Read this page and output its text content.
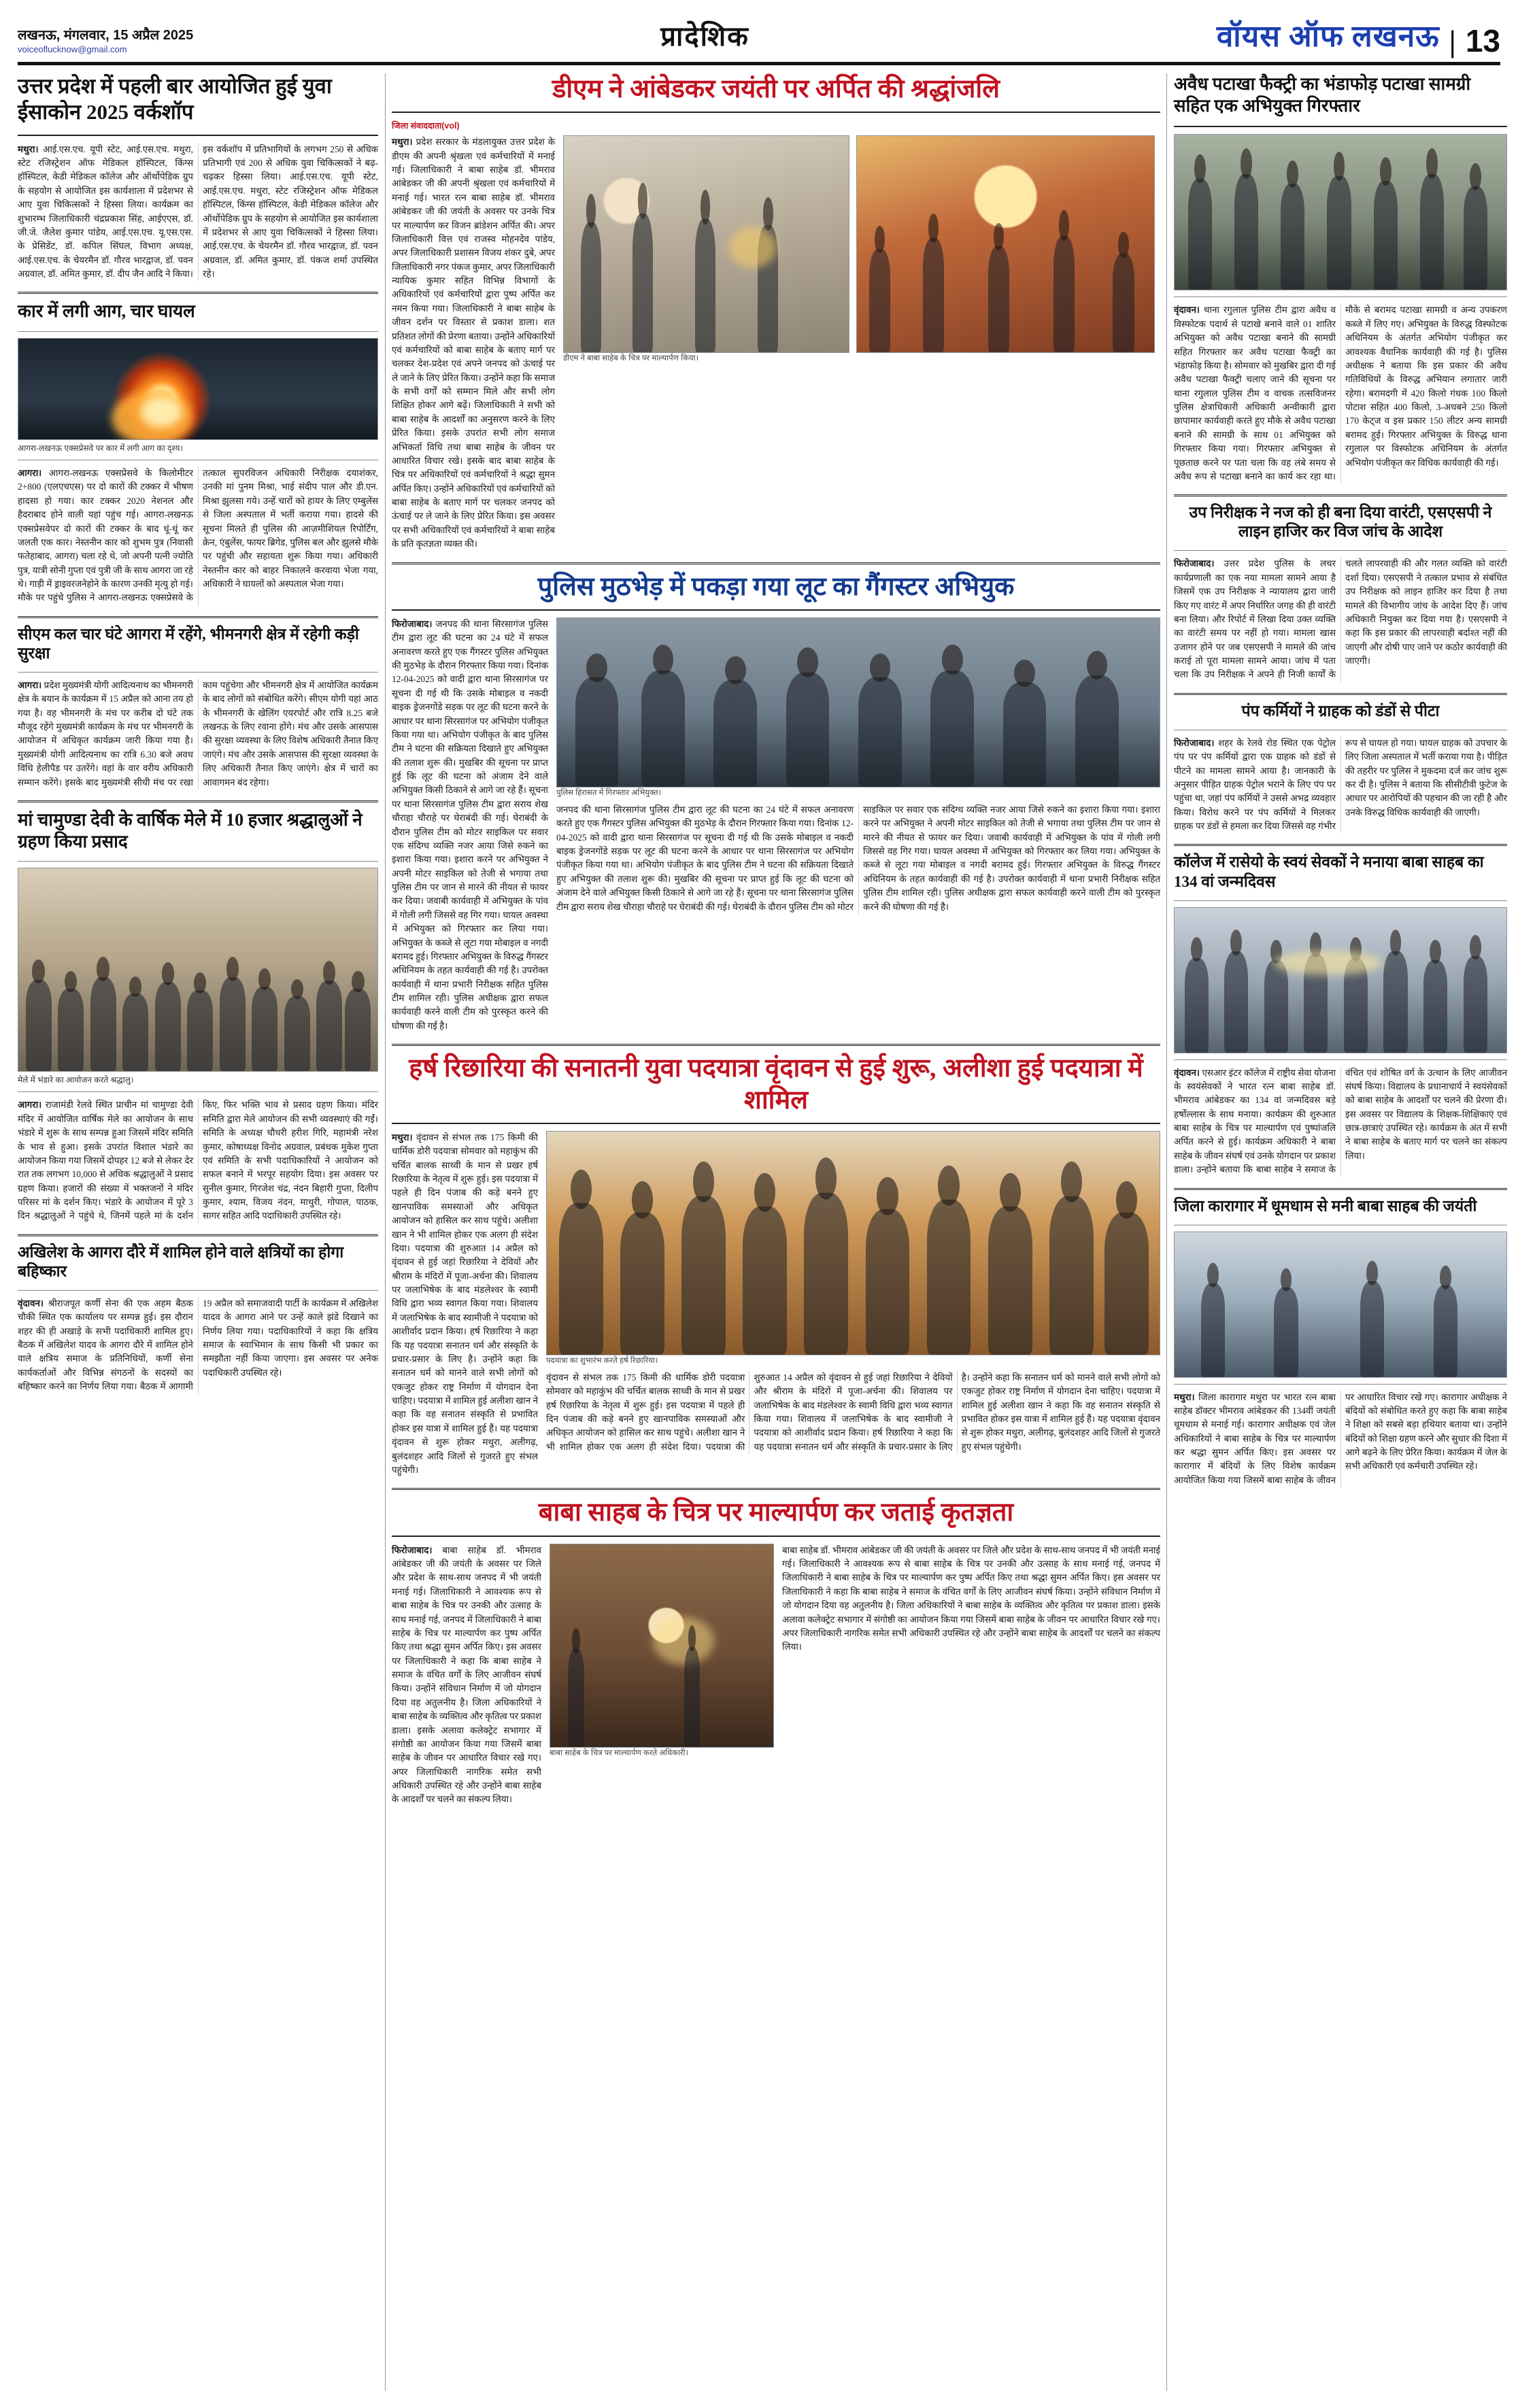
लखनऊ, मंगलवार, 15 अप्रैल 2025
voiceoflucknow@gmail.com	प्रादेशिक	वॉयस ऑफ लखनऊ | 13
उत्तर प्रदेश में पहली बार आयोजित हुई युवा ईसाकोन 2025 वर्कशॉप
मथुरा। आई.एस.एच. यूपी स्टेट, आई.एस.एच. मथुरा, स्टेट रजिस्ट्रेशन ऑफ मेडिकल हॉस्पिटल, किंग्स हॉस्पिटल, केडी मेडिकल कॉलेज और ऑर्थोपेडिक ग्रुप के सहयोग से आयोजित इस कार्यशाला में प्रदेशभर से आए युवा चिकित्सकों ने हिस्सा लिया। कार्यक्रम का शुभारम्भ जिलाधिकारी चंद्रप्रकाश सिंह, आईएएस, डॉ. जी.जे. जैलेश कुमार पांडेय, आई.एस.एच. यू.एस.एस. के प्रेसिडेंट, डॉ. कपिल सिंघल, विभाग अध्यक्ष, आई.एस.एच. के चेयरमैन डॉ. गौरव भारद्वाज, डॉ. पवन अग्रवाल, डॉ. अमित कुमार, डॉ. दीप जैन आदि ने किया। इस वर्कशॉप में प्रतिभागियों के लगभग 250 से अधिक प्रतिभागी एवं 200 से अधिक युवा चिकित्सकों ने बढ़-चढ़कर हिस्सा लिया। आई.एस.एच. यूपी स्टेट, आई.एस.एच. मथुरा, स्टेट रजिस्ट्रेशन ऑफ मेडिकल हॉस्पिटल, किंग्स हॉस्पिटल, केडी मेडिकल कॉलेज और ऑर्थोपेडिक ग्रुप के सहयोग से आयोजित इस कार्यशाला में प्रदेशभर से आए युवा चिकित्सकों ने हिस्सा लिया। आई.एस.एच. के चेयरमैन डॉ. गौरव भारद्वाज, डॉ. पवन अग्रवाल, डॉ. अमित कुमार, डॉ. पंकज शर्मा उपस्थित रहे।
कार में लगी आग, चार घायल
आगरा-लखनऊ एक्सप्रेसवे पर कार में लगी आग का दृश्य।
आगरा। आगरा-लखनऊ एक्सप्रेसवे के किलोमीटर 2+800 (एलएचएस) पर दो कारों की टक्कर में भीषण हादसा हो गया। कार टक्कर 2020 नेशनल और हैदराबाद होने वाली यहां पहुंच गई। आगरा-लखनऊ एक्सप्रेसवेपर दो कारों की टक्कर के बाद धूं-धूं कर जलती एक कार। नेस्तनीन कार को शुभम पुत्र (निवासी फतेहाबाद, आगरा) चला रहे थे, जो अपनी पत्नी ज्योति पुत्र, यात्री सोनी गुप्ता एवं पुत्री जी के साथ आगरा जा रहे थे। गाड़ी में ड्राइवरजनेहोने के कारण उनकी मृत्यु हो गई। मौके पर पहुंचे पुलिस ने आगरा-लखनऊ एक्सप्रेसवे के तत्काल सुपरविजन अधिकारी निरीक्षक दयाशंकर, उनकी मां पुनम मिश्रा, भाई संदीप पाल और डी.एन. मिश्रा झुलसा गये। उन्हें चारों को हायर के लिए एम्बुलेंस से जिला अस्पताल में भर्ती कराया गया। हादसे की सूचना मिलते ही पुलिस की आज़मीशियल रिपोर्टिंग, क्रेन, एंबुलेंस, फायर ब्रिगेड, पुलिस बल और झुलसे मौके पर पहुंची और सहायता शुरू किया गया। अधिकारी नेस्तनीन कार को बाहर निकालने करवाया भेजा गया, अधिकारी ने घायलों को अस्पताल भेजा गया।
सीएम कल चार घंटे आगरा में रहेंगे, भीमनगरी क्षेत्र में रहेगी कड़ी सुरक्षा
आगरा। प्रदेश मुख्यमंत्री योगी आदित्यनाथ का भीमनगरी क्षेत्र के बयान के कार्यक्रम में 15 अप्रैल को आना तय हो गया है। वह भीमनगरी के मंच पर करीब दो घंटे तक मौजूद रहेंगे मुख्यमंत्री कार्यक्रम के मंच पर भीमनगरी के आयोजन में अधिकृत कार्यक्रम जारी किया गया है। मुख्यमंत्री योगी आदित्यनाथ का रात्रि 6.30 बजे अवध विधि हेलीपैड पर उतरेंगे। वहां के वार वरीय अधिकारी सम्मान करेंगे। इसके बाद मुख्यमंत्री सीधी मंच पर रखा काम पहुंचेगा और भीमनगरी क्षेत्र में आयोजित कार्यक्रम के बाद लोगों को संबोधित करेंगे। सीएम योगी यहां आठ के भीमनगरी के खेलिंग एयरपोर्ट और रात्रि 8.25 बजे लखनऊ के लिए रवाना होंगे। मंच और उसके आसपास की सुरक्षा व्यवस्था के लिए विशेष अधिकारी तैनात किए जाएंगे। मंच और उसके आसपास की सुरक्षा व्यवस्था के लिए अधिकारी तैनात किए जाएंगे। क्षेत्र में चारों का आवागमन बंद रहेगा।
मां चामुण्डा देवी के वार्षिक मेले में 10 हजार श्रद्धालुओं ने ग्रहण किया प्रसाद
मेले में भंडारे का आयोजन करते श्रद्धालु।
आगरा। राजामंडी रेलवे स्थित प्राचीन मां चामुण्डा देवी मंदिर में आयोजित वार्षिक मेले का आयोजन के साथ भंडारे में शुरू के साथ सम्पन्न हुआ जिसमें मंदिर समिति के भाव से हुआ। इसके उपरांत विशाल भंडारे का आयोजन किया गया जिसमें दोपहर 12 बजे से लेकर देर रात तक लगभग 10,000 से अधिक श्रद्धालुओं ने प्रसाद ग्रहण किया। हजारों की संख्या में भक्तजनों ने मंदिर परिसर मां के दर्शन किए। भंडारे के आयोजन में पूरे 3 दिन श्रद्धालुओं ने पहुंचे थे, जिनमें पहले मां के दर्शन किए, फिर भक्ति भाव से प्रसाद ग्रहण किया। मंदिर समिति द्वारा मेले आयोजन की सभी व्यवस्थाएं की गईं। समिति के अध्यक्ष चौधरी हरीश गिरि, महामंत्री नरेश कुमार, कोषाध्यक्ष विनोद अग्रवाल, प्रबंधक मुकेश गुप्ता एवं समिति के सभी पदाधिकारियों ने आयोजन को सफल बनाने में भरपूर सहयोग दिया। इस अवसर पर सुनील कुमार, गिरजेश चंद्र, नंदन बिहारी गुप्ता, दिलीप कुमार, श्याम, विजय नंदन, माथुरी, गोपाल, पाठक, सागर सहित आदि पदाधिकारी उपस्थित रहे।
अखिलेश के आगरा दौरे में शामिल होने वाले क्षत्रियों का होगा बहिष्कार
वृंदावन। श्रीराजपूत कर्णी सेना की एक अहम बैठक चौकी स्थित एक कार्यालय पर सम्पन्न हुई। इस दौरान शहर की ही अखाड़े के सभी पदाधिकारी शामिल हुए। बैठक में अखिलेश यादव के आगरा दौरे में शामिल होने वाले क्षत्रिय समाज के प्रतिनिधियों, कर्णी सेना कार्यकर्ताओं और विभिन्न संगठनों के सदस्यों का बहिष्कार करने का निर्णय लिया गया। बैठक में आगामी 19 अप्रैल को समाजवादी पार्टी के कार्यक्रम में अखिलेश यादव के आगरा आने पर उन्हें काले झंडे दिखाने का निर्णय लिया गया। पदाधिकारियों ने कहा कि क्षत्रिय समाज के स्वाभिमान के साथ किसी भी प्रकार का समझौता नहीं किया जाएगा। इस अवसर पर अनेक पदाधिकारी उपस्थित रहे।
डीएम ने आंबेडकर जयंती पर अर्पित की श्रद्धांजलि
जिला संवाददाता(vol)
मथुरा। प्रदेश सरकार के मंडलायुक्त उत्तर प्रदेश के डीएम की अपनी श्रृंखला एवं कर्मचारियों में मनाई गई। जिलाधिकारी ने बाबा साहेब डॉ. भीमराव आंबेडकर जी की अपनी श्रृंखला एवं कर्मचारियों में मनाई गई। भारत रत्न बाबा साहेब डॉ. भीमराव आंबेडकर जी की जयंती के अवसर पर उनके चित्र पर माल्यार्पण कर विजन ब्रांडेशन अर्पित की। अपर जिलाधिकारी वित्त एवं राजस्व मोहनदेव पांडेय, अपर जिलाधिकारी प्रशासन विजय शंकर दुबे, अपर जिलाधिकारी नगर पंकज कुमार, अपर जिलाधिकारी न्यायिक कुमार सहित विभिन्न विभागों के अधिकारियों एवं कर्मचारियों द्वारा पुष्प अर्पित कर नमन किया गया। जिलाधिकारी ने बाबा साहेब के जीवन दर्शन पर विस्तार से प्रकाश डाला। शत प्रतिशत लोगों की प्रेरणा बताया। उन्होंने अधिकारियों एवं कर्मचारियों को बाबा साहेब के बताए मार्ग पर चलकर देश-प्रदेश एवं अपने जनपद को ऊंचाई पर ले जाने के लिए प्रेरित किया। उन्होंने कहा कि समाज के सभी वर्गों को सम्मान मिले और सभी लोग शिक्षित होकर आगे बढ़ें। जिलाधिकारी ने सभी को बाबा साहेब के आदर्शों का अनुसरण करने के लिए प्रेरित किया। इसके उपरांत सभी लोग समाज अभिकर्ता विधि तथा बाबा साहेब के जीवन पर आधारित विचार रखे। इसके बाद बाबा साहेब के चित्र पर अधिकारियों एवं कर्मचारियों ने श्रद्धा सुमन अर्पित किए। उन्होंने अधिकारियों एवं कर्मचारियों को बाबा साहेब के बताए मार्ग पर चलकर जनपद को ऊंचाई पर ले जाने के लिए प्रेरित किया। इस अवसर पर सभी अधिकारियों एवं कर्मचारियों ने बाबा साहेब के प्रति कृतज्ञता व्यक्त की।
डीएम ने बाबा साहेब के चित्र पर माल्यार्पण किया।
पुलिस मुठभेड़ में पकड़ा गया लूट का गैंगस्टर अभियुक
फिरोजाबाद। जनपद की थाना सिरसागंज पुलिस टीम द्वारा लूट की घटना का 24 घंटे में सफल अनावरण करते हुए एक गैंगस्टर पुलिस अभियुक्त की मुठभेड़ के दौरान गिरफ्तार किया गया। दिनांक 12-04-2025 को वादी द्वारा थाना सिरसागंज पर सूचना दी गई थी कि उसके मोबाइल व नकदी बाइक ड्रेजनगोंडे सड़क पर लूट की घटना करने के आधार पर थाना सिरसागंज पर अभियोग पंजीकृत किया गया था। अभियोग पंजीकृत के बाद पुलिस टीम ने घटना की सक्रियता दिखाते हुए अभियुक्त की तलाश शुरू की। मुखबिर की सूचना पर प्राप्त हुई कि लूट की घटना को अंजाम देने वाले अभियुक्त किसी ठिकाने से आगे जा रहे हैं। सूचना पर थाना सिरसागंज पुलिस टीम द्वारा सराय शेख चौराहा चौराहे पर घेराबंदी की गई। घेराबंदी के दौरान पुलिस टीम को मोटर साइकिल पर सवार एक संदिग्ध व्यक्ति नजर आया जिसे रुकने का इशारा किया गया। इशारा करने पर अभियुक्त ने अपनी मोटर साइकिल को तेजी से भगाया तथा पुलिस टीम पर जान से मारने की नीयत से फायर कर दिया। जवाबी कार्यवाही में अभियुक्त के पांव में गोली लगी जिससे वह गिर गया। घायल अवस्था में अभियुक्त को गिरफ्तार कर लिया गया। अभियुक्त के कब्जे से लूटा गया मोबाइल व नगदी बरामद हुई। गिरफ्तार अभियुक्त के विरुद्ध गैंगस्टर अधिनियम के तहत कार्यवाही की गई है। उपरोक्त कार्यवाही में थाना प्रभारी निरीक्षक सहित पुलिस टीम शामिल रही। पुलिस अधीक्षक द्वारा सफल कार्यवाही करने वाली टीम को पुरस्कृत करने की घोषणा की गई है।
पुलिस हिरासत में गिरफ्तार अभियुक्त।
जनपद की थाना सिरसागंज पुलिस टीम द्वारा लूट की घटना का 24 घंटे में सफल अनावरण करते हुए एक गैंगस्टर पुलिस अभियुक्त की मुठभेड़ के दौरान गिरफ्तार किया गया। दिनांक 12-04-2025 को वादी द्वारा थाना सिरसागंज पर सूचना दी गई थी कि उसके मोबाइल व नकदी बाइक ड्रेजनगोंडे सड़क पर लूट की घटना करने के आधार पर थाना सिरसागंज पर अभियोग पंजीकृत किया गया था। अभियोग पंजीकृत के बाद पुलिस टीम ने घटना की सक्रियता दिखाते हुए अभियुक्त की तलाश शुरू की। मुखबिर की सूचना पर प्राप्त हुई कि लूट की घटना को अंजाम देने वाले अभियुक्त किसी ठिकाने से आगे जा रहे हैं। सूचना पर थाना सिरसागंज पुलिस टीम द्वारा सराय शेख चौराहा चौराहे पर घेराबंदी की गई। घेराबंदी के दौरान पुलिस टीम को मोटर साइकिल पर सवार एक संदिग्ध व्यक्ति नजर आया जिसे रुकने का इशारा किया गया। इशारा करने पर अभियुक्त ने अपनी मोटर साइकिल को तेजी से भगाया तथा पुलिस टीम पर जान से मारने की नीयत से फायर कर दिया। जवाबी कार्यवाही में अभियुक्त के पांव में गोली लगी जिससे वह गिर गया। घायल अवस्था में अभियुक्त को गिरफ्तार कर लिया गया। अभियुक्त के कब्जे से लूटा गया मोबाइल व नगदी बरामद हुई। गिरफ्तार अभियुक्त के विरुद्ध गैंगस्टर अधिनियम के तहत कार्यवाही की गई है। उपरोक्त कार्यवाही में थाना प्रभारी निरीक्षक सहित पुलिस टीम शामिल रही। पुलिस अधीक्षक द्वारा सफल कार्यवाही करने वाली टीम को पुरस्कृत करने की घोषणा की गई है।
हर्ष रिछारिया की सनातनी युवा पदयात्रा वृंदावन से हुई शुरू, अलीशा हुई पदयात्रा में शामिल
मथुरा। वृंदावन से संभल तक 175 किमी की धार्मिक डोरी पदयात्रा सोमवार को महाकुंभ की चर्चित बालक साध्वी के मान से प्रखर हर्ष रिछारिया के नेतृत्व में शुरू हुई। इस पदयात्रा में पहले ही दिन पंजाब की कड़े बनने हुए खानपाविक समस्याओं और अधिकृत आयोजन को हासिल कर साथ पहुंचे। अलीशा खान ने भी शामिल होकर एक अलग ही संदेश दिया। पदयात्रा की शुरुआत 14 अप्रैल को वृंदावन से हुई जहां रिछारिया ने देवियों और श्रीराम के मंदिरों में पूजा-अर्चना की। शिवालय पर जलाभिषेक के बाद मंडलेश्वर के स्वामी विधि द्वारा भव्य स्वागत किया गया। शिवालय में जलाभिषेक के बाद स्वामीजी ने पदयात्रा को आशीर्वाद प्रदान किया। हर्ष रिछारिया ने कहा कि यह पदयात्रा सनातन धर्म और संस्कृति के प्रचार-प्रसार के लिए है। उन्होंने कहा कि सनातन धर्म को मानने वाले सभी लोगों को एकजुट होकर राष्ट्र निर्माण में योगदान देना चाहिए। पदयात्रा में शामिल हुई अलीशा खान ने कहा कि वह सनातन संस्कृति से प्रभावित होकर इस यात्रा में शामिल हुई हैं। यह पदयात्रा वृंदावन से शुरू होकर मथुरा, अलीगढ़, बुलंदशहर आदि जिलों से गुजरते हुए संभल पहुंचेगी।
पदयात्रा का शुभारंभ करते हर्ष रिछारिया।
वृंदावन से संभल तक 175 किमी की धार्मिक डोरी पदयात्रा सोमवार को महाकुंभ की चर्चित बालक साध्वी के मान से प्रखर हर्ष रिछारिया के नेतृत्व में शुरू हुई। इस पदयात्रा में पहले ही दिन पंजाब की कड़े बनने हुए खानपाविक समस्याओं और अधिकृत आयोजन को हासिल कर साथ पहुंचे। अलीशा खान ने भी शामिल होकर एक अलग ही संदेश दिया। पदयात्रा की शुरुआत 14 अप्रैल को वृंदावन से हुई जहां रिछारिया ने देवियों और श्रीराम के मंदिरों में पूजा-अर्चना की। शिवालय पर जलाभिषेक के बाद मंडलेश्वर के स्वामी विधि द्वारा भव्य स्वागत किया गया। शिवालय में जलाभिषेक के बाद स्वामीजी ने पदयात्रा को आशीर्वाद प्रदान किया। हर्ष रिछारिया ने कहा कि यह पदयात्रा सनातन धर्म और संस्कृति के प्रचार-प्रसार के लिए है। उन्होंने कहा कि सनातन धर्म को मानने वाले सभी लोगों को एकजुट होकर राष्ट्र निर्माण में योगदान देना चाहिए। पदयात्रा में शामिल हुई अलीशा खान ने कहा कि वह सनातन संस्कृति से प्रभावित होकर इस यात्रा में शामिल हुई हैं। यह पदयात्रा वृंदावन से शुरू होकर मथुरा, अलीगढ़, बुलंदशहर आदि जिलों से गुजरते हुए संभल पहुंचेगी।
बाबा साहब के चित्र पर माल्यार्पण कर जताई कृतज्ञता
फिरोजाबाद। बाबा साहेब डॉ. भीमराव आंबेडकर जी की जयंती के अवसर पर जिले और प्रदेश के साथ-साथ जनपद में भी जयंती मनाई गई। जिलाधिकारी ने आवश्यक रूप से बाबा साहेब के चित्र पर उनकी और उत्साह के साथ मनाई गई, जनपद में जिलाधिकारी ने बाबा साहेब के चित्र पर माल्यार्पण कर पुष्प अर्पित किए तथा श्रद्धा सुमन अर्पित किए। इस अवसर पर जिलाधिकारी ने कहा कि बाबा साहेब ने समाज के वंचित वर्गों के लिए आजीवन संघर्ष किया। उन्होंने संविधान निर्माण में जो योगदान दिया वह अतुलनीय है। जिला अधिकारियों ने बाबा साहेब के व्यक्तित्व और कृतित्व पर प्रकाश डाला। इसके अलावा कलेक्ट्रेट सभागार में संगोष्ठी का आयोजन किया गया जिसमें बाबा साहेब के जीवन पर आधारित विचार रखे गए। अपर जिलाधिकारी नागरिक समेत सभी अधिकारी उपस्थित रहे और उन्होंने बाबा साहेब के आदर्शों पर चलने का संकल्प लिया।
बाबा साहेब के चित्र पर माल्यार्पण करते अधिकारी।
बाबा साहेब डॉ. भीमराव आंबेडकर जी की जयंती के अवसर पर जिले और प्रदेश के साथ-साथ जनपद में भी जयंती मनाई गई। जिलाधिकारी ने आवश्यक रूप से बाबा साहेब के चित्र पर उनकी और उत्साह के साथ मनाई गई, जनपद में जिलाधिकारी ने बाबा साहेब के चित्र पर माल्यार्पण कर पुष्प अर्पित किए तथा श्रद्धा सुमन अर्पित किए। इस अवसर पर जिलाधिकारी ने कहा कि बाबा साहेब ने समाज के वंचित वर्गों के लिए आजीवन संघर्ष किया। उन्होंने संविधान निर्माण में जो योगदान दिया वह अतुलनीय है। जिला अधिकारियों ने बाबा साहेब के व्यक्तित्व और कृतित्व पर प्रकाश डाला। इसके अलावा कलेक्ट्रेट सभागार में संगोष्ठी का आयोजन किया गया जिसमें बाबा साहेब के जीवन पर आधारित विचार रखे गए। अपर जिलाधिकारी नागरिक समेत सभी अधिकारी उपस्थित रहे और उन्होंने बाबा साहेब के आदर्शों पर चलने का संकल्प लिया।
अवैध पटाखा फैक्ट्री का भंडाफोड़ पटाखा सामग्री सहित एक अभियुक्त गिरफ्तार
वृंदावन। थाना रगुलाल पुलिस टीम द्वारा अवैध व विस्फोटक पदार्थ से पटाखे बनाने वाले 01 शातिर अभियुक्त को अवैध पटाखा बनाने की सामग्री सहित गिरफ्तार कर अवैध पटाखा फैक्ट्री का भंडाफोड़ किया है। सोमवार को मुखबिर द्वारा दी गई अवैध पटाखा फैक्ट्री चलाए जाने की सूचना पर थाना रगुलाल पुलिस टीम व वाचक तत्सविजनर पुलिस क्षेत्राधिकारी अधिकारी अन्वीकारी द्वारा छापामार कार्यवाही करते हुए मौके से अवैध पटाखा बनाने की सामग्री के साथ 01 अभियुक्त को गिरफ्तार किया गया। गिरफ्तार अभियुक्त से पूछताछ करने पर पता चला कि वह लंबे समय से अवैध रूप से पटाखा बनाने का कार्य कर रहा था। मौके से बरामद पटाखा सामग्री व अन्य उपकरण कब्जे में लिए गए। अभियुक्त के विरुद्ध विस्फोटक अधिनियम के अंतर्गत अभियोग पंजीकृत कर आवश्यक वैधानिक कार्यवाही की गई है। पुलिस अधीक्षक ने बताया कि इस प्रकार की अवैध गतिविधियों के विरुद्ध अभियान लगातार जारी रहेगा। बरामदगी में 420 किलो गंधक 100 किलो पोटाश सहित 400 किलो, 3-अधबने 250 किलो 170 केट्ज व इस प्रकार 150 लीटर अन्य सामग्री बरामद हुई। गिरफ्तार अभियुक्त के विरुद्ध थाना रगुलाल पर विस्फोटक अधिनियम के अंतर्गत अभियोग पंजीकृत कर विधिक कार्यवाही की गई।
उप निरीक्षक ने नज को ही बना दिया वारंटी, एसएसपी ने लाइन हाजिर कर विज जांच के आदेश
फिरोजाबाद। उत्तर प्रदेश पुलिस के लचर कार्यप्रणाली का एक नया मामला सामने आया है जिसमें एक उप निरीक्षक ने न्यायालय द्वारा जारी किए गए वारंट में अपर निर्धारित जगह की ही वारंटी बना लिया। और रिपोर्ट में लिखा दिया उक्त व्यक्ति का वारंटी समय पर नहीं हो गया। मामला खास उजागर होने पर जब एसएसपी ने मामले की जांच कराई तो पूरा मामला सामने आया। जांच में पता चला कि उप निरीक्षक ने अपने ही निजी कार्यों के चलते लापरवाही की और गलत व्यक्ति को वारंटी दर्शा दिया। एसएसपी ने तत्काल प्रभाव से संबंधित उप निरीक्षक को लाइन हाजिर कर दिया है तथा मामले की विभागीय जांच के आदेश दिए हैं। जांच अधिकारी नियुक्त कर दिया गया है। एसएसपी ने कहा कि इस प्रकार की लापरवाही बर्दाश्त नहीं की जाएगी और दोषी पाए जाने पर कठोर कार्यवाही की जाएगी।
पंप कर्मियों ने ग्राहक को डंडों से पीटा
फिरोजाबाद। शहर के रेलवे रोड स्थित एक पेट्रोल पंप पर पंप कर्मियों द्वारा एक ग्राहक को डंडों से पीटने का मामला सामने आया है। जानकारी के अनुसार पीड़ित ग्राहक पेट्रोल भराने के लिए पंप पर पहुंचा था, जहां पंप कर्मियों ने उससे अभद्र व्यवहार किया। विरोध करने पर पंप कर्मियों ने मिलकर ग्राहक पर डंडों से हमला कर दिया जिससे वह गंभीर रूप से घायल हो गया। घायल ग्राहक को उपचार के लिए जिला अस्पताल में भर्ती कराया गया है। पीड़ित की तहरीर पर पुलिस ने मुकदमा दर्ज कर जांच शुरू कर दी है। पुलिस ने बताया कि सीसीटीवी फुटेज के आधार पर आरोपियों की पहचान की जा रही है और उनके विरुद्ध विधिक कार्यवाही की जाएगी।
कॉलेज में रासेयो के स्वयं सेवकों ने मनाया बाबा साहब का 134 वां जन्मदिवस
वृंदावन। एसआर इंटर कॉलेज में राष्ट्रीय सेवा योजना के स्वयंसेवकों ने भारत रत्न बाबा साहेब डॉ. भीमराव आंबेडकर का 134 वां जन्मदिवस बड़े हर्षोल्लास के साथ मनाया। कार्यक्रम की शुरुआत बाबा साहेब के चित्र पर माल्यार्पण एवं पुष्पांजलि अर्पित करने से हुई। कार्यक्रम अधिकारी ने बाबा साहेब के जीवन संघर्ष एवं उनके योगदान पर प्रकाश डाला। उन्होंने बताया कि बाबा साहेब ने समाज के वंचित एवं शोषित वर्ग के उत्थान के लिए आजीवन संघर्ष किया। विद्यालय के प्रधानाचार्य ने स्वयंसेवकों को बाबा साहेब के आदर्शों पर चलने की प्रेरणा दी। इस अवसर पर विद्यालय के शिक्षक-शिक्षिकाएं एवं छात्र-छात्राएं उपस्थित रहे। कार्यक्रम के अंत में सभी ने बाबा साहेब के बताए मार्ग पर चलने का संकल्प लिया।
जिला कारागार में धूमधाम से मनी बाबा साहब की जयंती
मथुरा। जिला कारागार मथुरा पर भारत रत्न बाबा साहेब डॉक्टर भीमराव आंबेडकर की 134वीं जयंती धूमधाम से मनाई गई। कारागार अधीक्षक एवं जेल अधिकारियों ने बाबा साहेब के चित्र पर माल्यार्पण कर श्रद्धा सुमन अर्पित किए। इस अवसर पर कारागार में बंदियों के लिए विशेष कार्यक्रम आयोजित किया गया जिसमें बाबा साहेब के जीवन पर आधारित विचार रखे गए। कारागार अधीक्षक ने बंदियों को संबोधित करते हुए कहा कि बाबा साहेब ने शिक्षा को सबसे बड़ा हथियार बताया था। उन्होंने बंदियों को शिक्षा ग्रहण करने और सुधार की दिशा में आगे बढ़ने के लिए प्रेरित किया। कार्यक्रम में जेल के सभी अधिकारी एवं कर्मचारी उपस्थित रहे।
